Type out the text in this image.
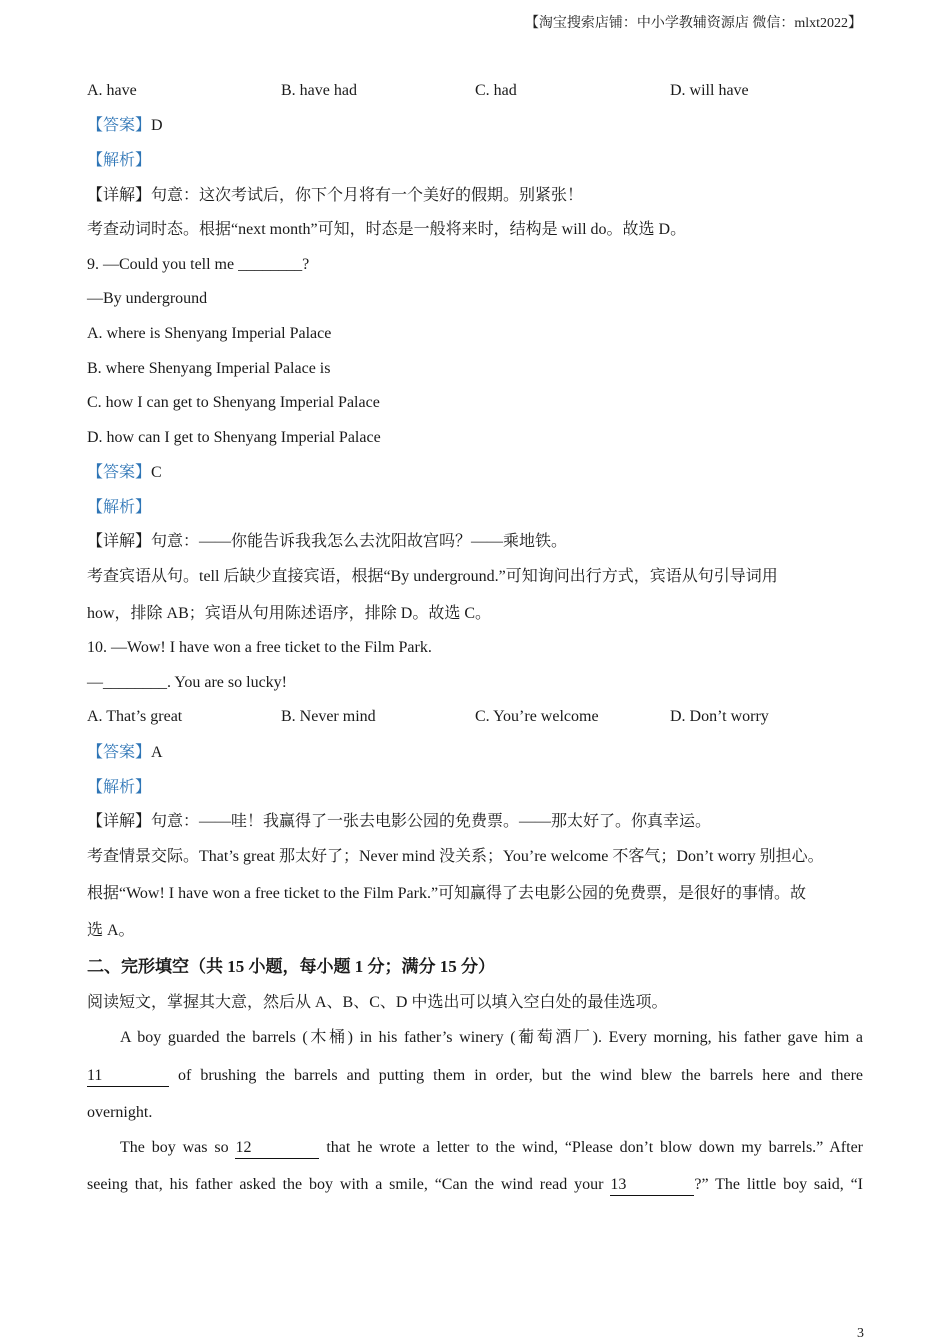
【淘宝搜索店铺：中小学教辅资源店 微信：mlxt2022】
A. have	B. have had	C. had	D. will have
【答案】D
【解析】
【详解】句意：这次考试后，你下个月将有一个美好的假期。别紧张！
考查动词时态。根据“next month”可知，时态是一般将来时，结构是 will do。故选 D。
9. —Could you tell me ________?
—By underground
A. where is Shenyang Imperial Palace
B. where Shenyang Imperial Palace is
C. how I can get to Shenyang Imperial Palace
D. how can I get to Shenyang Imperial Palace
【答案】C
【解析】
【详解】句意：——你能告诉我我怎么去沈阳故宫吗？——乘地铁。
考查宾语从句。tell 后缺少直接宾语，根据“By underground.”可知询问出行方式，宾语从句引导词用
how，排除 AB；宾语从句用陈述语序，排除 D。故选 C。
10. —Wow! I have won a free ticket to the Film Park.
—________. You are so lucky!
A. That’s great	B. Never mind	C. You’re welcome	D. Don’t worry
【答案】A
【解析】
【详解】句意：——哇！我赢得了一张去电影公园的免费票。——那太好了。你真幸运。
考查情景交际。That’s great 那太好了；Never mind 没关系；You’re welcome 不客气；Don’t worry 别担心。
根据“Wow! I have won a free ticket to the Film Park.”可知赢得了去电影公园的免费票，是很好的事情。故
选 A。
二、完形填空（共 15 小题，每小题 1 分；满分 15 分）
阅读短文，掌握其大意，然后从 A、B、C、D 中选出可以填入空白处的最佳选项。
A boy guarded the barrels (木桶) in his father’s winery (葡萄酒厂). Every morning, his father gave him a
11	of brushing the barrels and putting them in order, but the wind blew the barrels here and there
overnight.
The boy was so 12	that he wrote a letter to the wind, “Please don’t blow down my barrels.” After
seeing that, his father asked the boy with a smile, “Can the wind read your 13	?” The little boy said, “I
3
